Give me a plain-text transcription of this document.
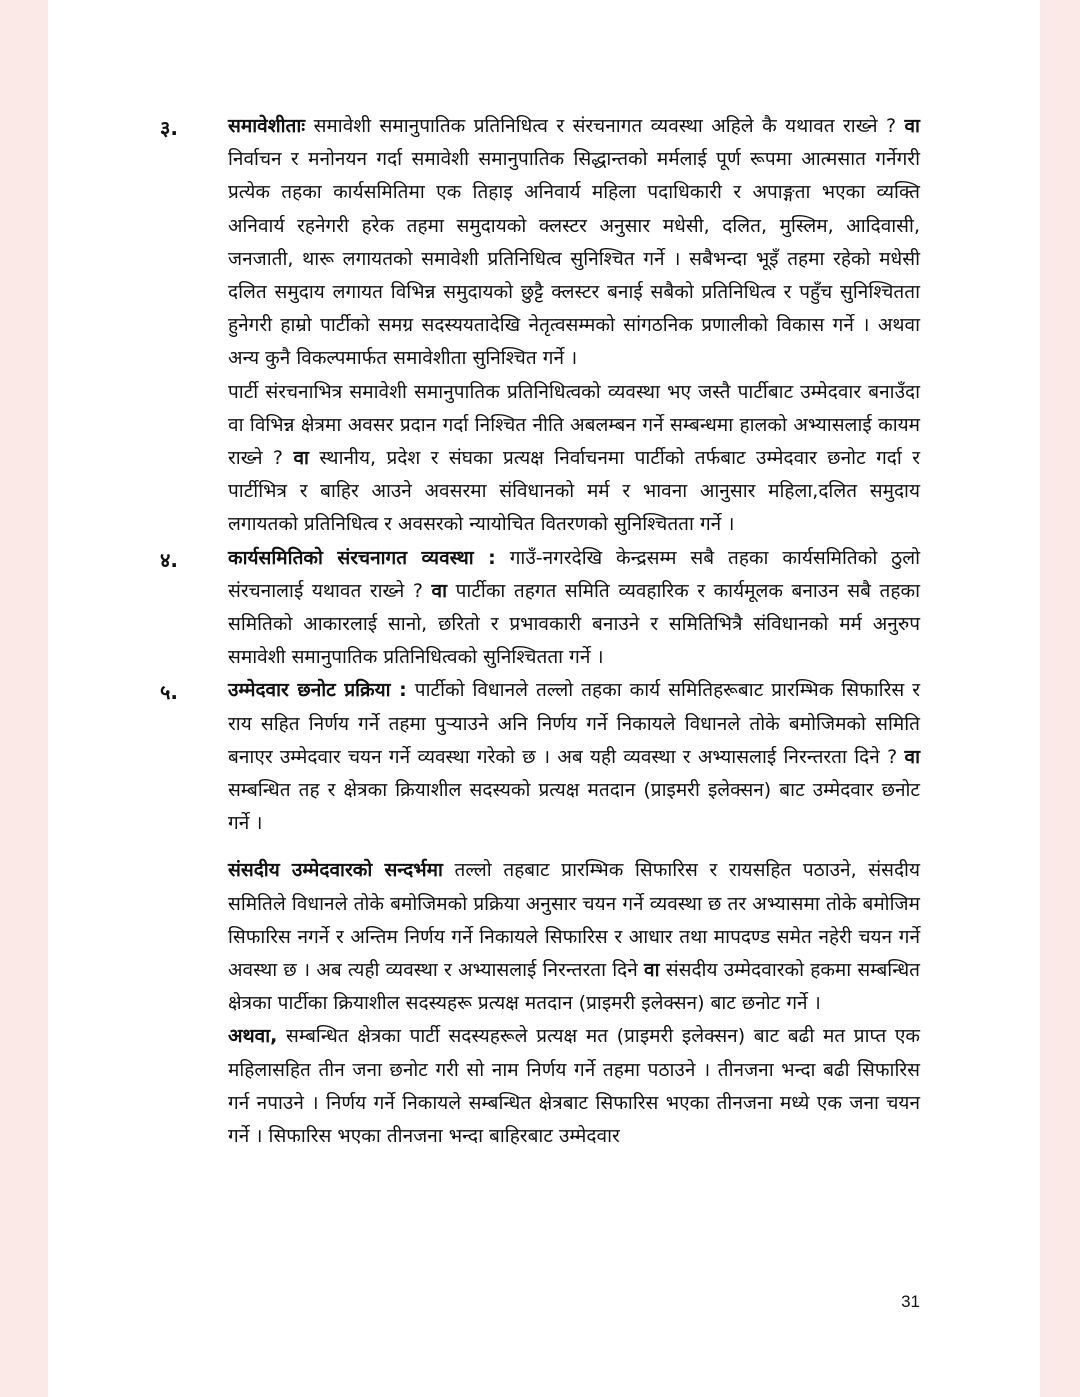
३.	समावेशीताः समावेशी समानुपातिक प्रतिनिधित्व र संरचनागत व्यवस्था अहिले कै यथावत राख्ने ? वा निर्वाचन र मनोनयन गर्दा समावेशी समानुपातिक सिद्धान्तको मर्मलाई पूर्ण रूपमा आत्मसात गर्नेगरी प्रत्येक तहका कार्यसमितिमा एक तिहाइ अनिवार्य महिला पदाधिकारी र अपाङ्गता भएका व्यक्ति अनिवार्य रहनेगरी हरेक तहमा समुदायको क्लस्टर अनुसार मधेसी, दलित, मुस्लिम, आदिवासी, जनजाती, थारू लगायतको समावेशी प्रतिनिधित्व सुनिश्चित गर्ने । सबैभन्दा भूइँ तहमा रहेको मधेसी दलित समुदाय लगायत विभिन्न समुदायको छुट्टै क्लस्टर बनाई सबैको प्रतिनिधित्व र पहुँच सुनिश्चितता हुनेगरी हाम्रो पार्टीको समग्र सदस्ययतादेखि नेतृत्वसम्मको सांगठनिक प्रणालीको विकास गर्ने । अथवा अन्य कुनै विकल्पमार्फत समावेशीता सुनिश्चित गर्ने ।

पार्टी संरचनाभित्र समावेशी समानुपातिक प्रतिनिधित्वको व्यवस्था भए जस्तै पार्टीबाट उम्मेदवार बनाउँदा वा विभिन्न क्षेत्रमा अवसर प्रदान गर्दा निश्चित नीति अबलम्बन गर्ने सम्बन्धमा हालको अभ्यासलाई कायम राख्ने ? वा स्थानीय, प्रदेश र संघका प्रत्यक्ष निर्वाचनमा पार्टीको तर्फबाट उम्मेदवार छनोट गर्दा र पार्टीभित्र र बाहिर आउने अवसरमा संविधानको मर्म र भावना आनुसार महिला,दलित समुदाय लगायतको प्रतिनिधित्व र अवसरको न्यायोचित वितरणको सुनिश्चितता गर्ने ।

४.	कार्यसमितिको संरचनागत व्यवस्था : गाउँ-नगरदेखि केन्द्रसम्म सबै तहका कार्यसमितिको ठुलो संरचनालाई यथावत राख्ने ? वा पार्टीका तहगत समिति व्यवहारिक र कार्यमूलक बनाउन सबै तहका समितिको आकारलाई सानो, छरितो र प्रभावकारी बनाउने र समितिभित्रै संविधानको मर्म अनुरुप समावेशी समानुपातिक प्रतिनिधित्वको सुनिश्चितता गर्ने ।

५.	उम्मेदवार छनोट प्रक्रिया : पार्टीको विधानले तल्लो तहका कार्य समितिहरूबाट प्रारम्भिक सिफारिस र राय सहित निर्णय गर्ने तहमा पुर्‍याउने अनि निर्णय गर्ने निकायले विधानले तोके बमोजिमको समिति बनाएर उम्मेदवार चयन गर्ने व्यवस्था गरेको छ । अब यही व्यवस्था र अभ्यासलाई निरन्तरता दिने ? वा सम्बन्धित तह र क्षेत्रका क्रियाशील सदस्यको प्रत्यक्ष मतदान (प्राइमरी इलेक्सन) बाट उम्मेदवार छनोट गर्ने ।

संसदीय उम्मेदवारको सन्दर्भमा तल्लो तहबाट प्रारम्भिक सिफारिस र रायसहित पठाउने, संसदीय समितिले विधानले तोके बमोजिमको प्रक्रिया अनुसार चयन गर्ने व्यवस्था छ तर अभ्यासमा तोके बमोजिम सिफारिस नगर्ने र अन्तिम निर्णय गर्ने निकायले सिफारिस र आधार तथा मापदण्ड समेत नहेरी चयन गर्ने अवस्था छ । अब त्यही व्यवस्था र अभ्यासलाई निरन्तरता दिने वा संसदीय उम्मेदवारको हकमा सम्बन्धित क्षेत्रका पार्टीका क्रियाशील सदस्यहरू प्रत्यक्ष मतदान (प्राइमरी इलेक्सन) बाट छनोट गर्ने ।

अथवा, सम्बन्धित क्षेत्रका पार्टी सदस्यहरूले प्रत्यक्ष मत (प्राइमरी इलेक्सन) बाट बढी मत प्राप्त एक महिलासहित तीन जना छनोट गरी सो नाम निर्णय गर्ने तहमा पठाउने । तीनजना भन्दा बढी सिफारिस गर्न नपाउने । निर्णय गर्ने निकायले सम्बन्धित क्षेत्रबाट सिफारिस भएका तीनजना मध्ये एक जना चयन गर्ने । सिफारिस भएका तीनजना भन्दा बाहिरबाट उम्मेदवार

31
